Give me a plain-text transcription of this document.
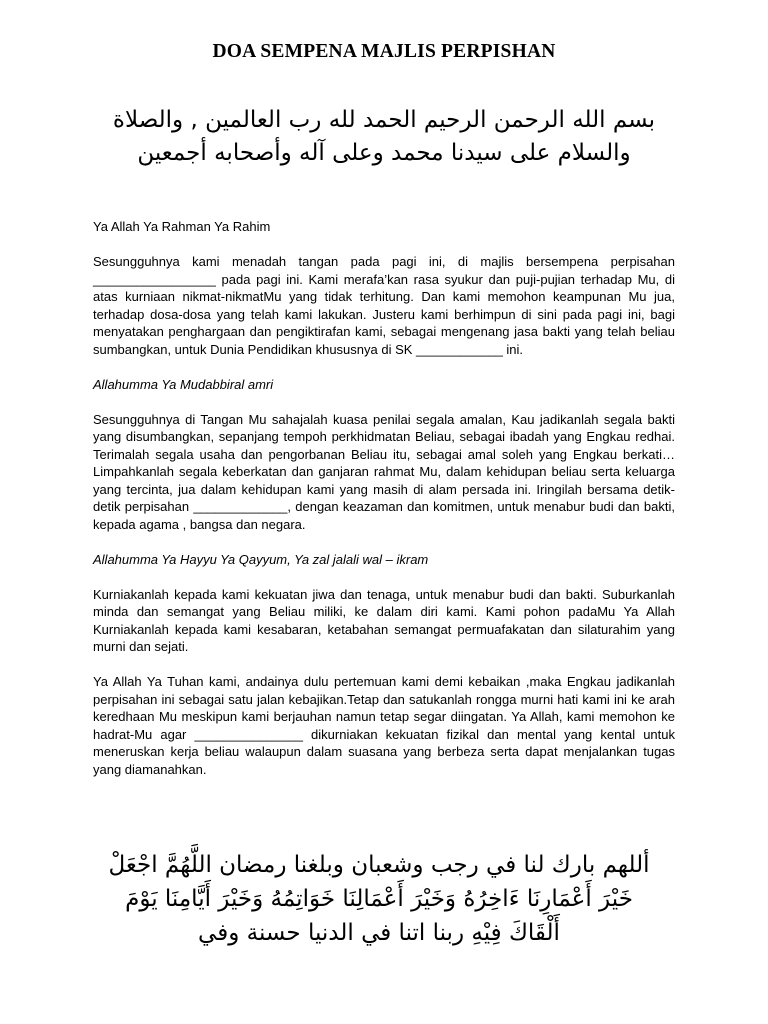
DOA SEMPENA MAJLIS PERPISHAN
بسم الله الرحمن الرحيم الحمد لله رب العالمين , والصلاة والسلام على سيدنا محمد وعلى آله وأصحابه أجمعين

Ya Allah Ya Rahman Ya Rahim

Sesungguhnya kami menadah tangan pada pagi ini, di majlis bersempena perpisahan _________________ pada pagi ini. Kami merafa’kan rasa syukur dan puji-pujian terhadap Mu, di atas kurniaan nikmat-nikmatMu yang tidak terhitung. Dan kami memohon keampunan Mu jua, terhadap dosa-dosa yang telah kami lakukan. Justeru kami berhimpun di sini pada pagi ini, bagi menyatakan penghargaan dan pengiktirafan kami, sebagai mengenang jasa bakti yang telah beliau sumbangkan, untuk Dunia Pendidikan khususnya di SK ____________ ini.

Allahumma Ya Mudabbiral amri

Sesungguhnya di Tangan Mu sahajalah kuasa penilai segala amalan, Kau jadikanlah segala bakti yang disumbangkan, sepanjang tempoh perkhidmatan Beliau, sebagai ibadah yang Engkau redhai. Terimalah segala usaha dan pengorbanan Beliau itu, sebagai amal soleh yang Engkau berkati… Limpahkanlah segala keberkatan dan ganjaran rahmat Mu, dalam kehidupan beliau serta keluarga yang tercinta, jua dalam kehidupan kami yang masih di alam persada ini. Iringilah bersama detik-detik perpisahan _____________, dengan keazaman dan komitmen, untuk menabur budi dan bakti, kepada agama , bangsa dan negara.

Allahumma Ya Hayyu Ya Qayyum, Ya zal jalali wal – ikram

Kurniakanlah kepada kami kekuatan jiwa dan tenaga, untuk menabur budi dan bakti. Suburkanlah minda dan semangat yang Beliau miliki, ke dalam diri kami. Kami pohon padaMu Ya Allah Kurniakanlah kepada kami kesabaran, ketabahan semangat permuafakatan dan silaturahim yang murni dan sejati.

Ya Allah Ya Tuhan kami, andainya dulu pertemuan kami demi kebaikan ,maka Engkau jadikanlah perpisahan ini sebagai satu jalan kebajikan.Tetap dan satukanlah rongga murni hati kami ini ke arah keredhaan Mu meskipun kami berjauhan namun tetap segar diingatan. Ya Allah, kami memohon ke hadrat-Mu agar _______________ dikurniakan kekuatan fizikal dan mental yang kental untuk meneruskan kerja beliau walaupun dalam suasana yang berbeza serta dapat menjalankan tugas yang diamanahkan.

أللهم بارك لنا في رجب وشعبان وبلغنا رمضان اللَّهُمَّ اجْعَلْ خَيْرَ أَعْمَارِنَا ءَاخِرُهُ وَخَيْرَ أَعْمَالِنَا خَوَاتِمُهُ وَخَيْرَ أَيَّامِنَا يَوْمَ أَلْقَاكَ فِيْهِ ربنا اتنا في الدنيا حسنة وفي
